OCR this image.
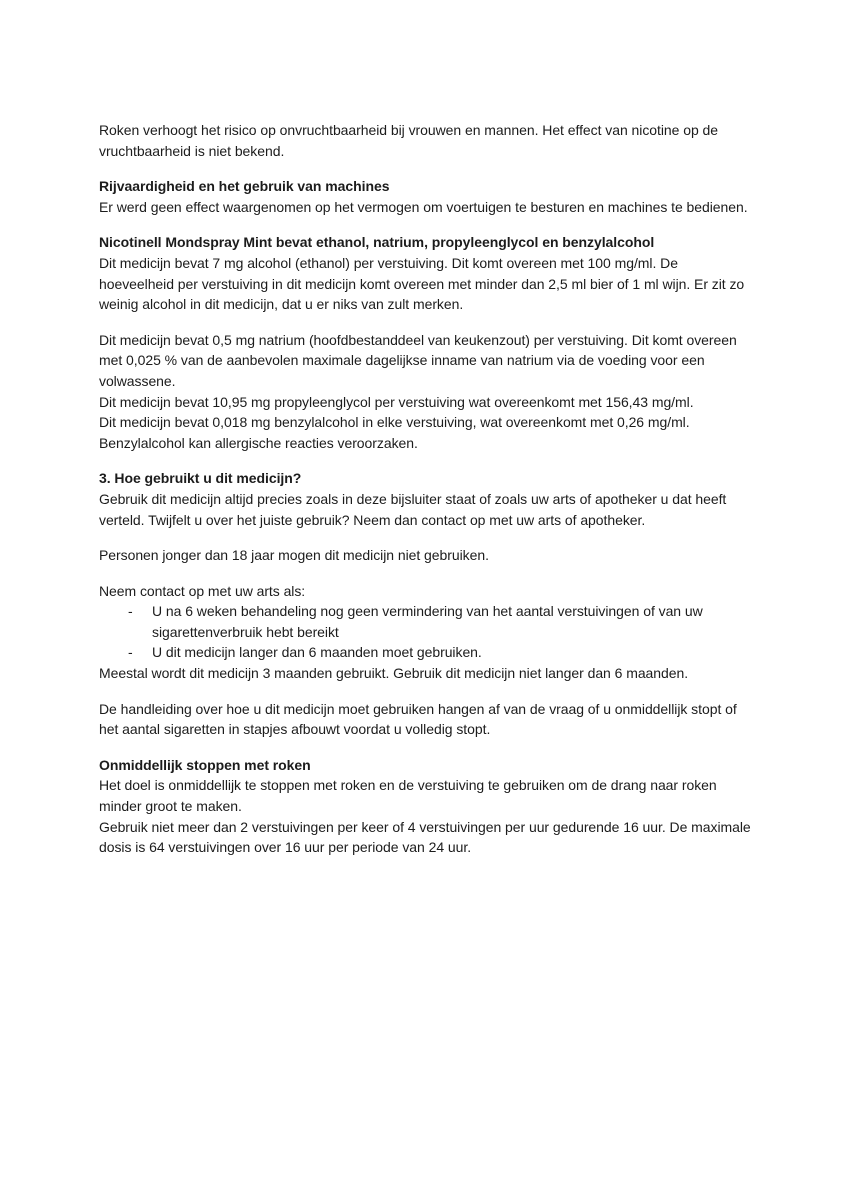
Roken verhoogt het risico op onvruchtbaarheid bij vrouwen en mannen. Het effect van nicotine op de vruchtbaarheid is niet bekend.

Rijvaardigheid en het gebruik van machines

Er werd geen effect waargenomen op het vermogen om voertuigen te besturen en machines te bedienen.

Nicotinell Mondspray Mint bevat ethanol, natrium, propyleenglycol en benzylalcohol

Dit medicijn bevat 7 mg alcohol (ethanol) per verstuiving. Dit komt overeen met 100 mg/ml. De hoeveelheid per verstuiving in dit medicijn komt overeen met minder dan 2,5 ml bier of 1 ml wijn. Er zit zo weinig alcohol in dit medicijn, dat u er niks van zult merken.

Dit medicijn bevat 0,5 mg natrium (hoofdbestanddeel van keukenzout) per verstuiving. Dit komt overeen met 0,025 % van de aanbevolen maximale dagelijkse inname van natrium via de voeding voor een volwassene.

Dit medicijn bevat 10,95 mg propyleenglycol per verstuiving wat overeenkomt met 156,43 mg/ml.

Dit medicijn bevat 0,018 mg benzylalcohol in elke verstuiving, wat overeenkomt met 0,26 mg/ml.

Benzylalcohol kan allergische reacties veroorzaken.

3. Hoe gebruikt u dit medicijn?

Gebruik dit medicijn altijd precies zoals in deze bijsluiter staat of zoals uw arts of apotheker u dat heeft verteld. Twijfelt u over het juiste gebruik? Neem dan contact op met uw arts of apotheker.

Personen jonger dan 18 jaar mogen dit medicijn niet gebruiken.

Neem contact op met uw arts als:

-	U na 6 weken behandeling nog geen vermindering van het aantal verstuivingen of van uw sigarettenverbruik hebt bereikt
-	U dit medicijn langer dan 6 maanden moet gebruiken.

Meestal wordt dit medicijn 3 maanden gebruikt. Gebruik dit medicijn niet langer dan 6 maanden.

De handleiding over hoe u dit medicijn moet gebruiken hangen af van de vraag of u onmiddellijk stopt of het aantal sigaretten in stapjes afbouwt voordat u volledig stopt.

Onmiddellijk stoppen met roken

Het doel is onmiddellijk te stoppen met roken en de verstuiving te gebruiken om de drang naar roken minder groot te maken.

Gebruik niet meer dan 2 verstuivingen per keer of 4 verstuivingen per uur gedurende 16 uur. De maximale dosis is 64 verstuivingen over 16 uur per periode van 24 uur.
